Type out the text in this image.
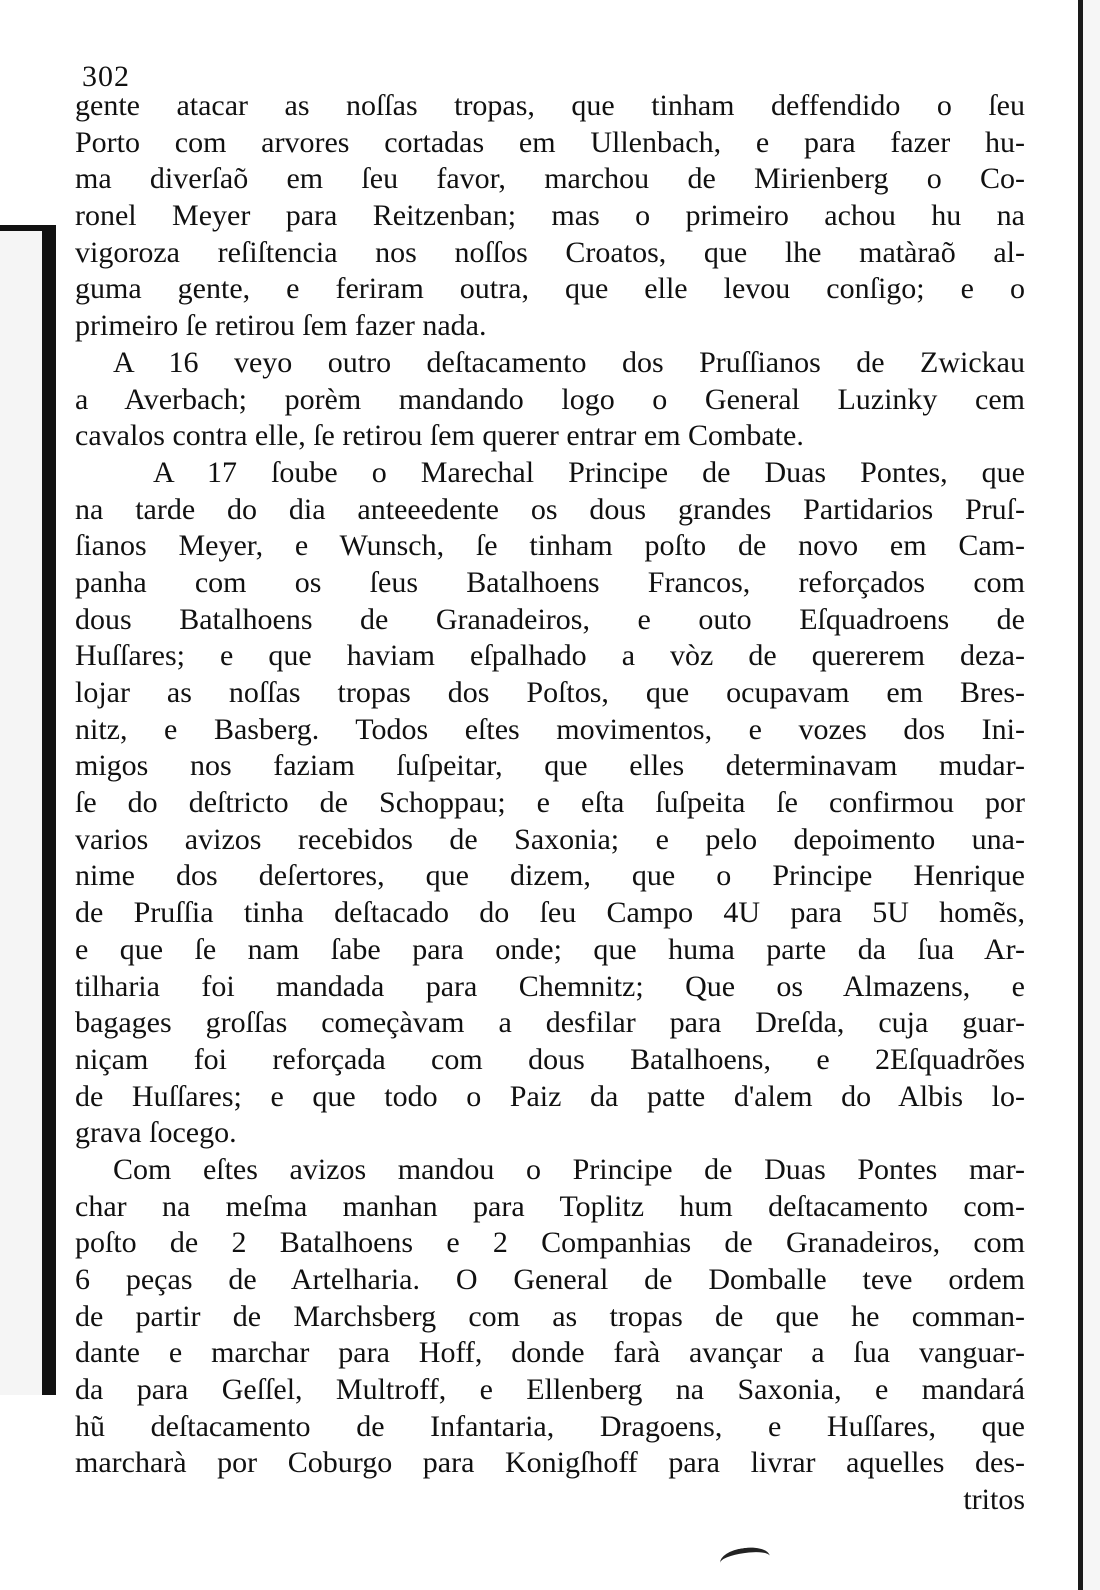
302
gente atacar as noſſas tropas, que tinham deffendido o ſeu
Porto com arvores cortadas em Ullenbach, e para fazer hu-
ma diverſaõ em ſeu favor, marchou de Mirienberg o Co-
ronel Meyer para Reitzenban; mas o primeiro achou hu na
vigoroza reſiſtencia nos noſſos Croatos, que lhe matàraõ al-
guma gente, e feriram outra, que elle levou conſigo; e o
primeiro ſe retirou ſem fazer nada.
A 16 veyo outro deſtacamento dos Pruſſianos de Zwickau
a Averbach; porèm mandando logo o General Luzinky cem
cavalos contra elle, ſe retirou ſem querer entrar em Combate.
A 17 ſoube o Marechal Principe de Duas Pontes, que
na tarde do dia anteeedente os dous grandes Partidarios Pruſ-
ſianos Meyer, e Wunsch, ſe tinham poſto de novo em Cam-
panha com os ſeus Batalhoens Francos, reforçados com
dous Batalhoens de Granadeiros, e outo Eſquadroens de
Huſſares; e que haviam eſpalhado a vòz de quererem deza-
lojar as noſſas tropas dos Poſtos, que ocupavam em Bres-
nitz, e Basberg. Todos eſtes movimentos, e vozes dos Ini-
migos nos faziam ſuſpeitar, que elles determinavam mudar-
ſe do deſtricto de Schoppau; e eſta ſuſpeita ſe confirmou por
varios avizos recebidos de Saxonia; e pelo depoimento una-
nime dos deſertores, que dizem, que o Principe Henrique
de Pruſſia tinha deſtacado do ſeu Campo 4U para 5U homẽs,
e que ſe nam ſabe para onde; que huma parte da ſua Ar-
tilharia foi mandada para Chemnitz; Que os Almazens, e
bagages groſſas começàvam a desfilar para Dreſda, cuja guar-
niçam foi reforçada com dous Batalhoens, e 2Eſquadrões
de Huſſares; e que todo o Paiz da patte d'alem do Albis lo-
grava ſocego.
Com eſtes avizos mandou o Principe de Duas Pontes mar-
char na meſma manhan para Toplitz hum deſtacamento com-
poſto de 2 Batalhoens e 2 Companhias de Granadeiros, com
6 peças de Artelharia. O General de Domballe teve ordem
de partir de Marchsberg com as tropas de que he comman-
dante e marchar para Hoff, donde farà avançar a ſua vanguar-
da para Geſſel, Multroff, e Ellenberg na Saxonia, e mandará
hũ deſtacamento de Infantaria, Dragoens, e Huſſares, que
marcharà por Coburgo para Konigſhoff para livrar aquelles des-
tritos
